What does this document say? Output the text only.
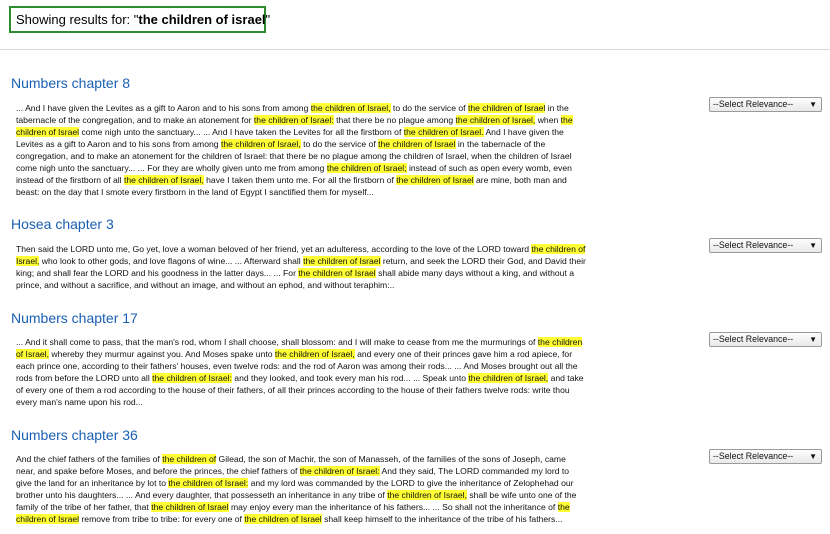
Showing results for: "the children of israel"
Numbers chapter 8
... And I have given the Levites as a gift to Aaron and to his sons from among the children of Israel, to do the service of the children of Israel in the
tabernacle of the congregation, and to make an atonement for the children of Israel: that there be no plague among the children of Israel, when the
children of Israel come nigh unto the sanctuary... ... And I have taken the Levites for all the firstborn of the children of Israel. And I have given the
Levites as a gift to Aaron and to his sons from among the children of Israel, to do the service of the children of Israel in the tabernacle of the
congregation, and to make an atonement for the children of Israel: that there be no plague among the children of Israel, when the children of Israel
come nigh unto the sanctuary... ... For they are wholly given unto me from among the children of Israel; instead of such as open every womb, even
instead of the firstborn of all the children of Israel, have I taken them unto me. For all the firstborn of the children of Israel are mine, both man and
beast: on the day that I smote every firstborn in the land of Egypt I sanctified them for myself...
--Select Relevance-- ▼
Hosea chapter 3
Then said the LORD unto me, Go yet, love a woman beloved of her friend, yet an adulteress, according to the love of the LORD toward the children of
Israel, who look to other gods, and love flagons of wine... ... Afterward shall the children of Israel return, and seek the LORD their God, and David their
king; and shall fear the LORD and his goodness in the latter days... ... For the children of Israel shall abide many days without a king, and without a
prince, and without a sacrifice, and without an image, and without an ephod, and without teraphim:..
--Select Relevance-- ▼
Numbers chapter 17
... And it shall come to pass, that the man's rod, whom I shall choose, shall blossom: and I will make to cease from me the murmurings of the children
of Israel, whereby they murmur against you. And Moses spake unto the children of Israel, and every one of their princes gave him a rod apiece, for
each prince one, according to their fathers' houses, even twelve rods: and the rod of Aaron was among their rods... ... And Moses brought out all the
rods from before the LORD unto all the children of Israel: and they looked, and took every man his rod... ... Speak unto the children of Israel, and take
of every one of them a rod according to the house of their fathers, of all their princes according to the house of their fathers twelve rods: write thou
every man's name upon his rod...
--Select Relevance-- ▼
Numbers chapter 36
And the chief fathers of the families of the children of Gilead, the son of Machir, the son of Manasseh, of the families of the sons of Joseph, came
near, and spake before Moses, and before the princes, the chief fathers of the children of Israel: And they said, The LORD commanded my lord to
give the land for an inheritance by lot to the children of Israel: and my lord was commanded by the LORD to give the inheritance of Zelophehad our
brother unto his daughters... ... And every daughter, that possesseth an inheritance in any tribe of the children of Israel, shall be wife unto one of the
family of the tribe of her father, that the children of Israel may enjoy every man the inheritance of his fathers... ... So shall not the inheritance of the
children of Israel remove from tribe to tribe: for every one of the children of Israel shall keep himself to the inheritance of the tribe of his fathers...
--Select Relevance-- ▼
